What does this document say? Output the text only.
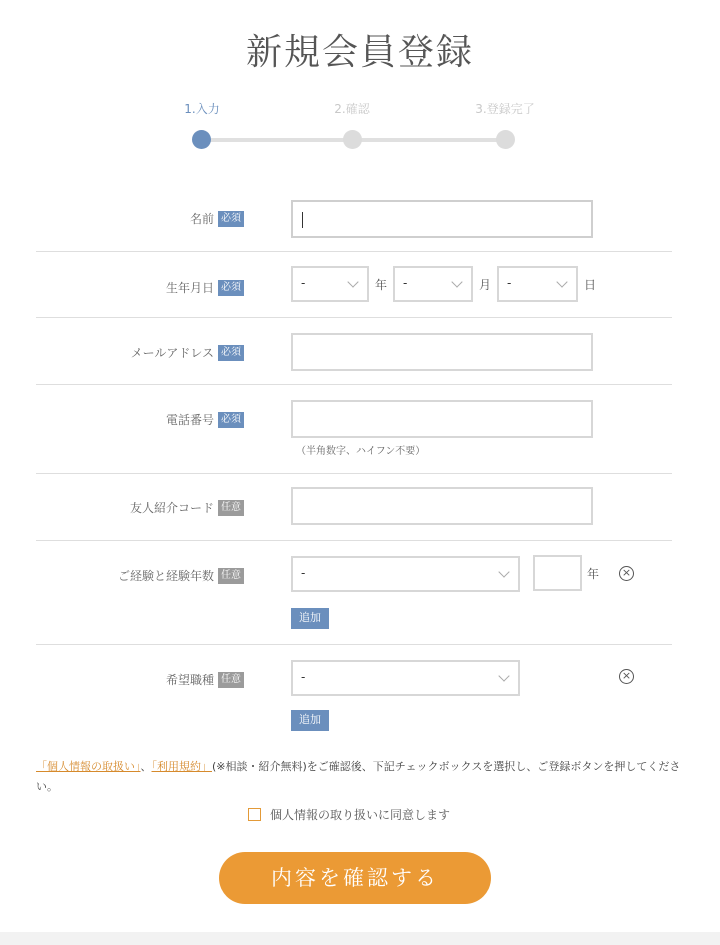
新規会員登録
1.入力	2.確認	3.登録完了
名前 必須
生年月日 必須	-	年 -	月 -	日
メールアドレス 必須
電話番号 必須
（半角数字、ハイフン不要）
友人紹介コード 任意
ご経験と経験年数 任意	-	年 ×
追加
希望職種 任意	-	×
追加
「個人情報の取扱い」、「利用規約」(※相談・紹介無料)をご確認後、下記チェックボックスを選択し、ご登録ボタンを押してください。
個人情報の取り扱いに同意します
内容を確認する
